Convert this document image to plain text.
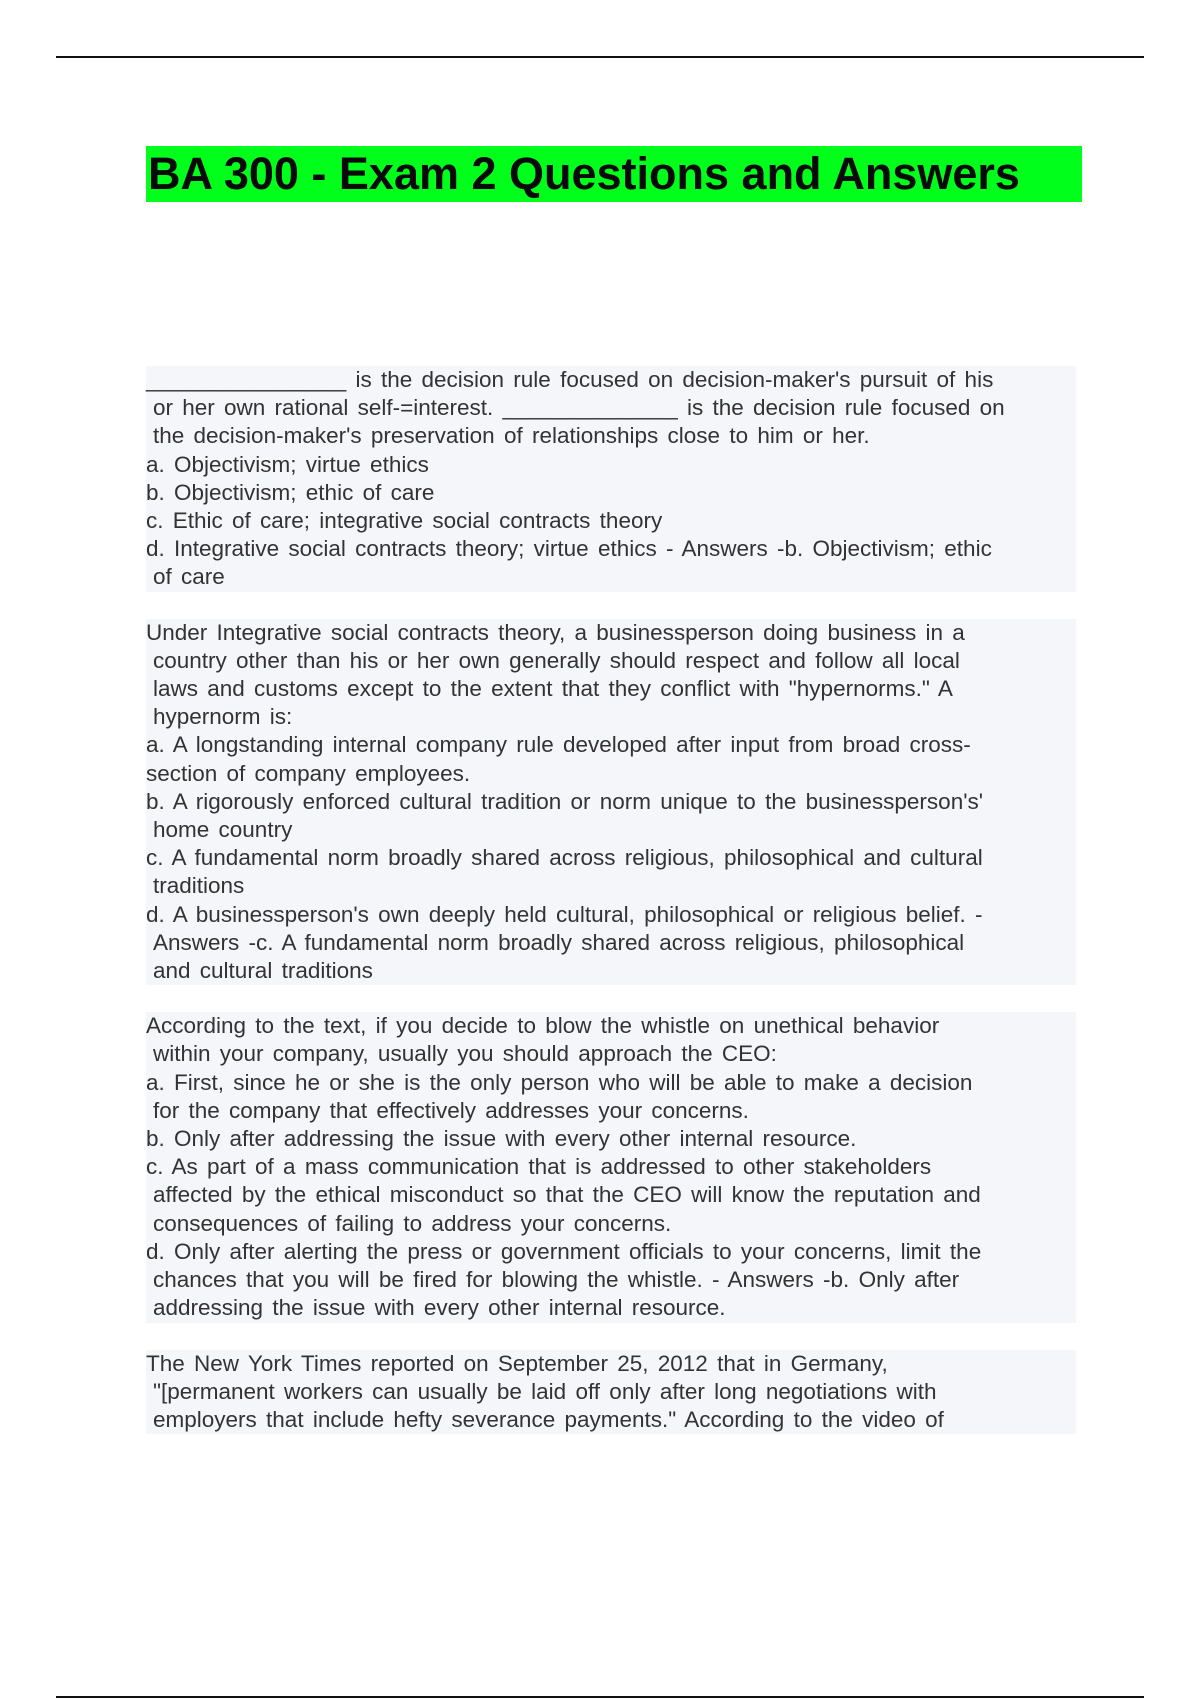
BA 300 - Exam 2 Questions and Answers
________________ is the decision rule focused on decision-maker's pursuit of his
or her own rational self-=interest. ______________ is the decision rule focused on
the decision-maker's preservation of relationships close to him or her.
a. Objectivism; virtue ethics
b. Objectivism; ethic of care
c. Ethic of care; integrative social contracts theory
d. Integrative social contracts theory; virtue ethics - Answers -b. Objectivism; ethic
of care
Under Integrative social contracts theory, a businessperson doing business in a
country other than his or her own generally should respect and follow all local
laws and customs except to the extent that they conflict with "hypernorms." A
hypernorm is:
a. A longstanding internal company rule developed after input from broad cross-
section of company employees.
b. A rigorously enforced cultural tradition or norm unique to the businessperson's'
home country
c. A fundamental norm broadly shared across religious, philosophical and cultural
traditions
d. A businessperson's own deeply held cultural, philosophical or religious belief. -
Answers -c. A fundamental norm broadly shared across religious, philosophical
and cultural traditions
According to the text, if you decide to blow the whistle on unethical behavior
within your company, usually you should approach the CEO:
a. First, since he or she is the only person who will be able to make a decision
for the company that effectively addresses your concerns.
b. Only after addressing the issue with every other internal resource.
c. As part of a mass communication that is addressed to other stakeholders
affected by the ethical misconduct so that the CEO will know the reputation and
consequences of failing to address your concerns.
d. Only after alerting the press or government officials to your concerns, limit the
chances that you will be fired for blowing the whistle. - Answers -b. Only after
addressing the issue with every other internal resource.
The New York Times reported on September 25, 2012 that in Germany,
"[permanent workers can usually be laid off only after long negotiations with
employers that include hefty severance payments." According to the video of
